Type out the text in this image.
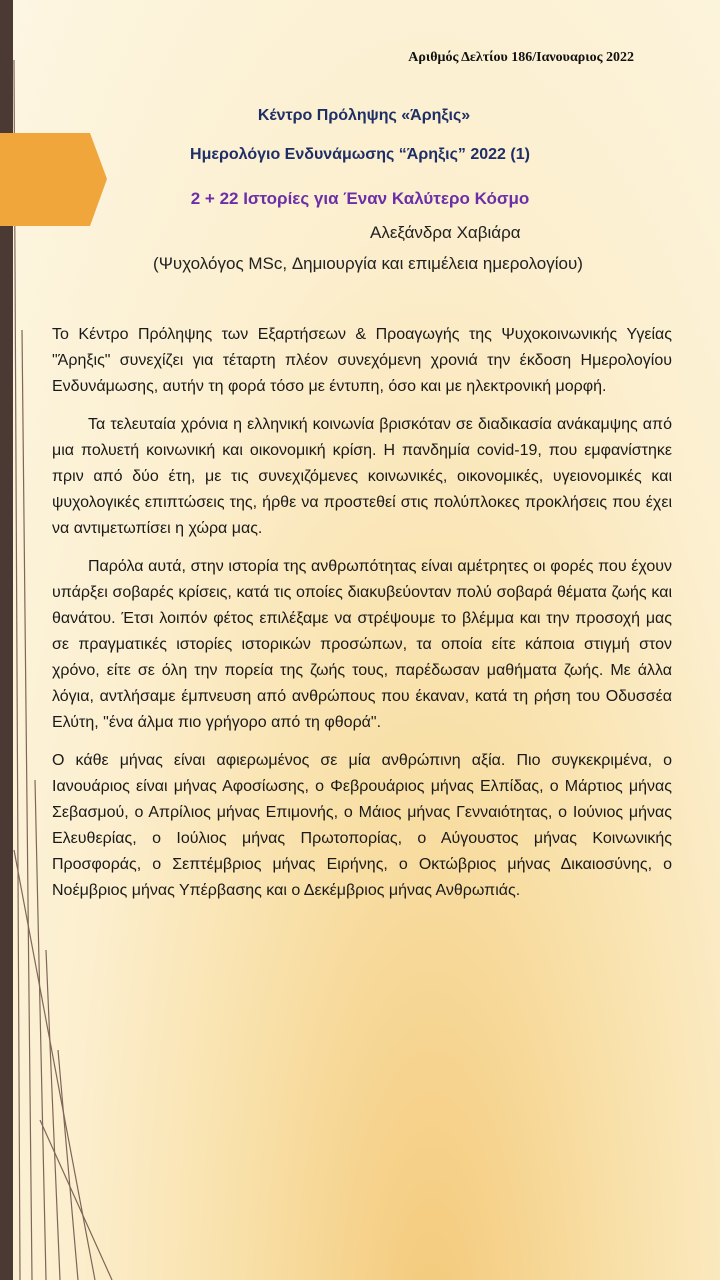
Αριθμός Δελτίου 186/Ιανουαριος 2022
Κέντρο Πρόληψης «Άρηξις»
Ημερολόγιο Ενδυνάμωσης “Άρηξις” 2022 (1)
2 + 22 Ιστορίες για Έναν Καλύτερο Κόσμο
Αλεξάνδρα Χαβιάρα
(Ψυχολόγος MSc, Δημιουργία και επιμέλεια ημερολογίου)

Το Κέντρο Πρόληψης των Εξαρτήσεων & Προαγωγής της Ψυχοκοινωνικής Υγείας "Άρηξις" συνεχίζει για τέταρτη πλέον συνεχόμενη χρονιά την έκδοση Ημερολογίου Ενδυνάμωσης, αυτήν τη φορά τόσο με έντυπη, όσο και με ηλεκτρονική μορφή.

Τα τελευταία χρόνια η ελληνική κοινωνία βρισκόταν σε διαδικασία ανάκαμψης από μια πολυετή κοινωνική και οικονομική κρίση. Η πανδημία covid-19, που εμφανίστηκε πριν από δύο έτη, με τις συνεχιζόμενες κοινωνικές, οικονομικές, υγειονομικές και ψυχολογικές επιπτώσεις της, ήρθε να προστεθεί στις πολύπλοκες προκλήσεις που έχει να αντιμετωπίσει η χώρα μας.

Παρόλα αυτά, στην ιστορία της ανθρωπότητας είναι αμέτρητες οι φορές που έχουν υπάρξει σοβαρές κρίσεις, κατά τις οποίες διακυβεύονταν πολύ σοβαρά θέματα ζωής και θανάτου. Έτσι λοιπόν φέτος επιλέξαμε να στρέψουμε το βλέμμα και την προσοχή μας σε πραγματικές ιστορίες ιστορικών προσώπων, τα οποία είτε κάποια στιγμή στον χρόνο, είτε σε όλη την πορεία της ζωής τους, παρέδωσαν μαθήματα ζωής. Με άλλα λόγια, αντλήσαμε έμπνευση από ανθρώπους που έκαναν, κατά τη ρήση του Οδυσσέα Ελύτη, "ένα άλμα πιο γρήγορο από τη φθορά".

Ο κάθε μήνας είναι αφιερωμένος σε μία ανθρώπινη αξία. Πιο συγκεκριμένα, ο Ιανουάριος είναι μήνας Αφοσίωσης, ο Φεβρουάριος μήνας Ελπίδας, ο Μάρτιος μήνας Σεβασμού, ο Απρίλιος μήνας Επιμονής, ο Μάιος μήνας Γενναιότητας, ο Ιούνιος μήνας Ελευθερίας, ο Ιούλιος μήνας Πρωτοπορίας, ο Αύγουστος μήνας Κοινωνικής Προσφοράς, ο Σεπτέμβριος μήνας Ειρήνης, ο Οκτώβριος μήνας Δικαιοσύνης, ο Νοέμβριος μήνας Υπέρβασης και ο Δεκέμβριος μήνας Ανθρωπιάς.
